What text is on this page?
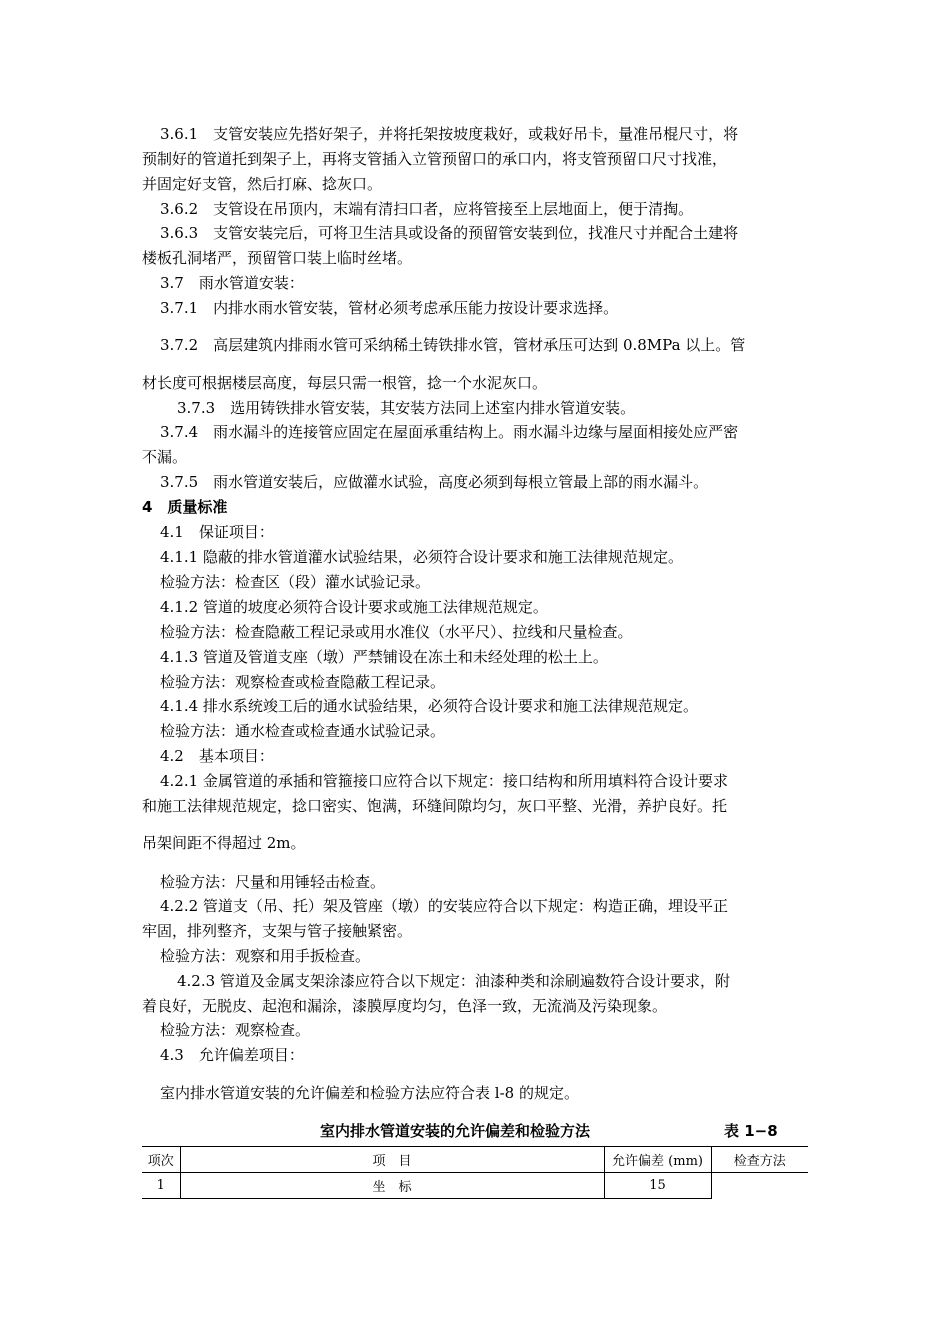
3.6.1　支管安装应先搭好架子，并将托架按坡度栽好，或栽好吊卡，量准吊棍尺寸，将
预制好的管道托到架子上，再将支管插入立管预留口的承口内，将支管预留口尺寸找准，
并固定好支管，然后打麻、捻灰口。
3.6.2　支管设在吊顶内，末端有清扫口者，应将管接至上层地面上，便于清掏。
3.6.3　支管安装完后，可将卫生洁具或设备的预留管安装到位，找准尺寸并配合土建将
楼板孔洞堵严，预留管口装上临时丝堵。
3.7　雨水管道安装：
3.7.1　内排水雨水管安装，管材必须考虑承压能力按设计要求选择。
3.7.2　高层建筑内排雨水管可采纳稀土铸铁排水管，管材承压可达到 0.8MPa 以上。管
材长度可根据楼层高度，每层只需一根管，捻一个水泥灰口。
3.7.3　选用铸铁排水管安装，其安装方法同上述室内排水管道安装。
3.7.4　雨水漏斗的连接管应固定在屋面承重结构上。雨水漏斗边缘与屋面相接处应严密
不漏。
3.7.5　雨水管道安装后，应做灌水试验，高度必须到每根立管最上部的雨水漏斗。
4　质量标准
4.1　保证项目：
4.1.1 隐蔽的排水管道灌水试验结果，必须符合设计要求和施工法律规范规定。
检验方法：检查区（段）灌水试验记录。
4.1.2 管道的坡度必须符合设计要求或施工法律规范规定。
检验方法：检查隐蔽工程记录或用水准仪（水平尺）、拉线和尺量检查。
4.1.3 管道及管道支座（墩）严禁铺设在冻土和未经处理的松土上。
检验方法：观察检查或检查隐蔽工程记录。
4.1.4 排水系统竣工后的通水试验结果，必须符合设计要求和施工法律规范规定。
检验方法：通水检查或检查通水试验记录。
4.2　基本项目：
4.2.1 金属管道的承插和管箍接口应符合以下规定：接口结构和所用填料符合设计要求
和施工法律规范规定，捻口密实、饱满，环缝间隙均匀，灰口平整、光滑，养护良好。托
吊架间距不得超过 2m。
检验方法：尺量和用锤轻击检查。
4.2.2 管道支（吊、托）架及管座（墩）的安装应符合以下规定：构造正确，埋设平正
牢固，排列整齐，支架与管子接触紧密。
检验方法：观察和用手扳检查。
4.2.3 管道及金属支架涂漆应符合以下规定：油漆种类和涂刷遍数符合设计要求，附
着良好，无脱皮、起泡和漏涂，漆膜厚度均匀，色泽一致，无流淌及污染现象。
检验方法：观察检查。
4.3　允许偏差项目：
室内排水管道安装的允许偏差和检验方法应符合表 l-8 的规定。
室内排水管道安装的允许偏差和检验方法	表 1−8
项次	项　目	允许偏差 (mm)	检查方法
1	坐　标	15	
